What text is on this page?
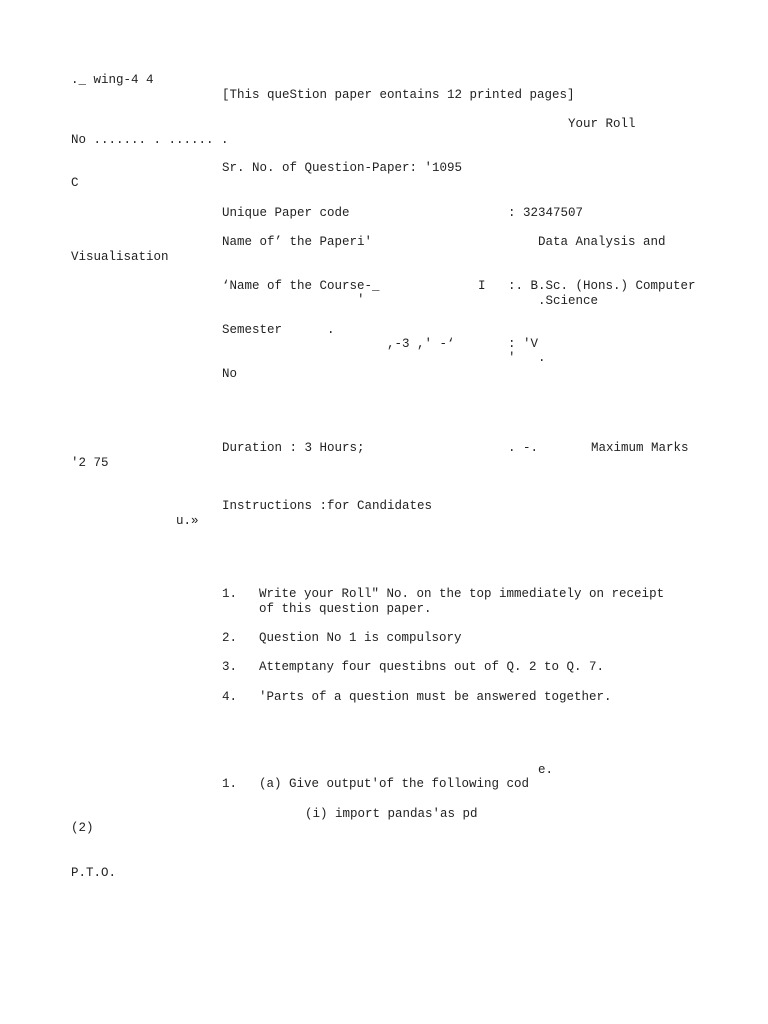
._ wing-4 4
[This queStion paper eontains 12 printed pages]
Your Roll
No ....... . ...... .
Sr. No. of Question-Paper: '1095
C
Unique Paper code	: 32347507
Name of’ the Paperi'	Data Analysis and
Visualisation
‘Name of the Course-_
'
I :. B.Sc. (Hons.) Computer
.Science
Semester	.
,-3 ,' -‘	: 'V
'   .
No
Duration : 3 Hours;	. -.	Maximum Marks
'2 75
Instructions :for Candidates
u.»
1. Write your Roll" No. on the top immediately on receipt
of this question paper.
2. Question No 1 is compulsory
3. Attemptany four questibns out of Q. 2 to Q. 7.
4. 'Parts of a question must be answered together.
e.
1. (a) Give output'of the following cod
(i) import pandas'as pd
(2)
P.T.O.
